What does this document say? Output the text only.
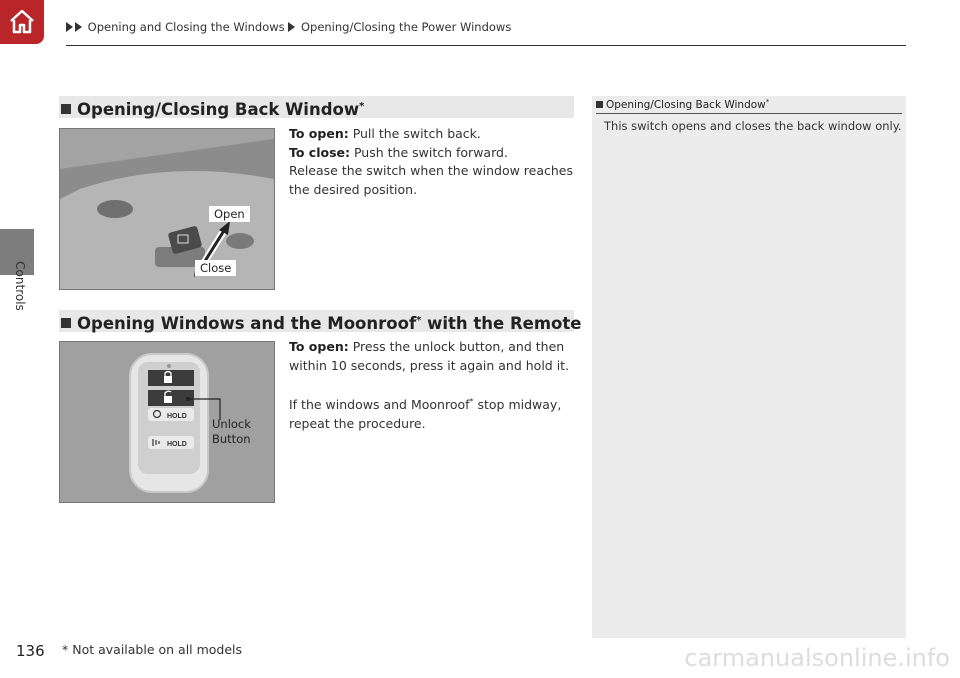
Opening and Closing the Windows Opening/Closing the Power Windows
Controls
Opening/Closing Back Window*
Open
Close
To open: Pull the switch back.
To close: Push the switch forward.
Release the switch when the window reaches
the desired position.
Opening Windows and the Moonroof* with the Remote
HOLD
HOLD
Unlock
Button
To open: Press the unlock button, and then
within 10 seconds, press it again and hold it.
If the windows and Moonroof* stop midway,
repeat the procedure.
Opening/Closing Back Window*
This switch opens and closes the back window only.
136 * Not available on all models	carmanualsonline.info
